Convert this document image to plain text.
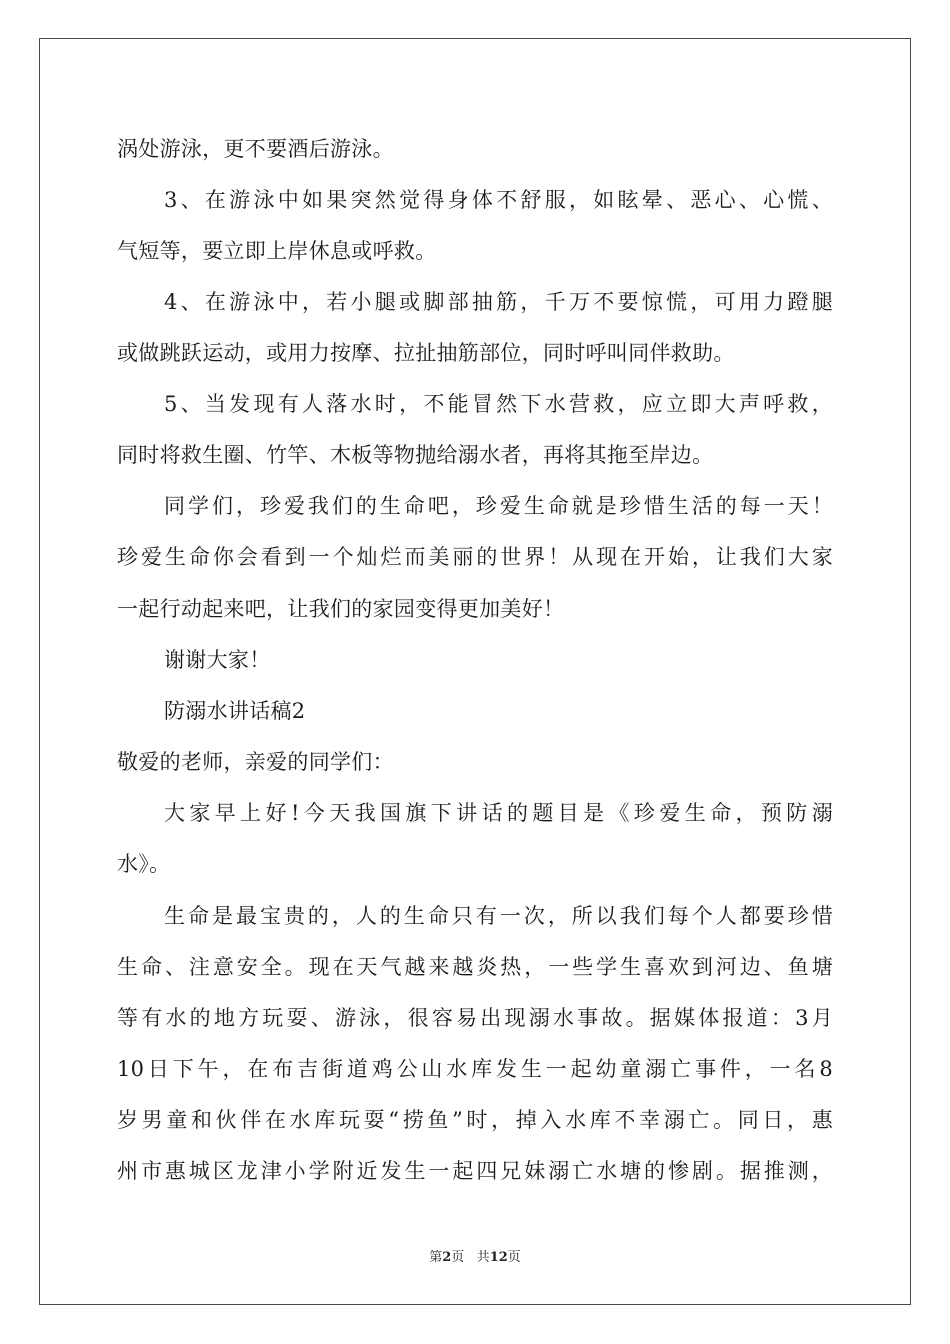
涡处游泳，更不要酒后游泳。
3、在游泳中如果突然觉得身体不舒服，如眩晕、恶心、心慌、
气短等，要立即上岸休息或呼救。
4、在游泳中，若小腿或脚部抽筋，千万不要惊慌，可用力蹬腿
或做跳跃运动，或用力按摩、拉扯抽筋部位，同时呼叫同伴救助。
5、当发现有人落水时，不能冒然下水营救，应立即大声呼救，
同时将救生圈、竹竿、木板等物抛给溺水者，再将其拖至岸边。
同学们，珍爱我们的生命吧，珍爱生命就是珍惜生活的每一天！
珍爱生命你会看到一个灿烂而美丽的世界！从现在开始，让我们大家
一起行动起来吧，让我们的家园变得更加美好！
谢谢大家！
防溺水讲话稿2
敬爱的老师，亲爱的同学们：
大家早上好!今天我国旗下讲话的题目是《珍爱生命，预防溺
水》。
生命是最宝贵的，人的生命只有一次，所以我们每个人都要珍惜
生命、注意安全。现在天气越来越炎热，一些学生喜欢到河边、鱼塘
等有水的地方玩耍、游泳，很容易出现溺水事故。据媒体报道：3月
10日下午，在布吉街道鸡公山水库发生一起幼童溺亡事件，一名8
岁男童和伙伴在水库玩耍“捞鱼”时，掉入水库不幸溺亡。同日，惠
州市惠城区龙津小学附近发生一起四兄妹溺亡水塘的惨剧。据推测，
第2页 共12页
